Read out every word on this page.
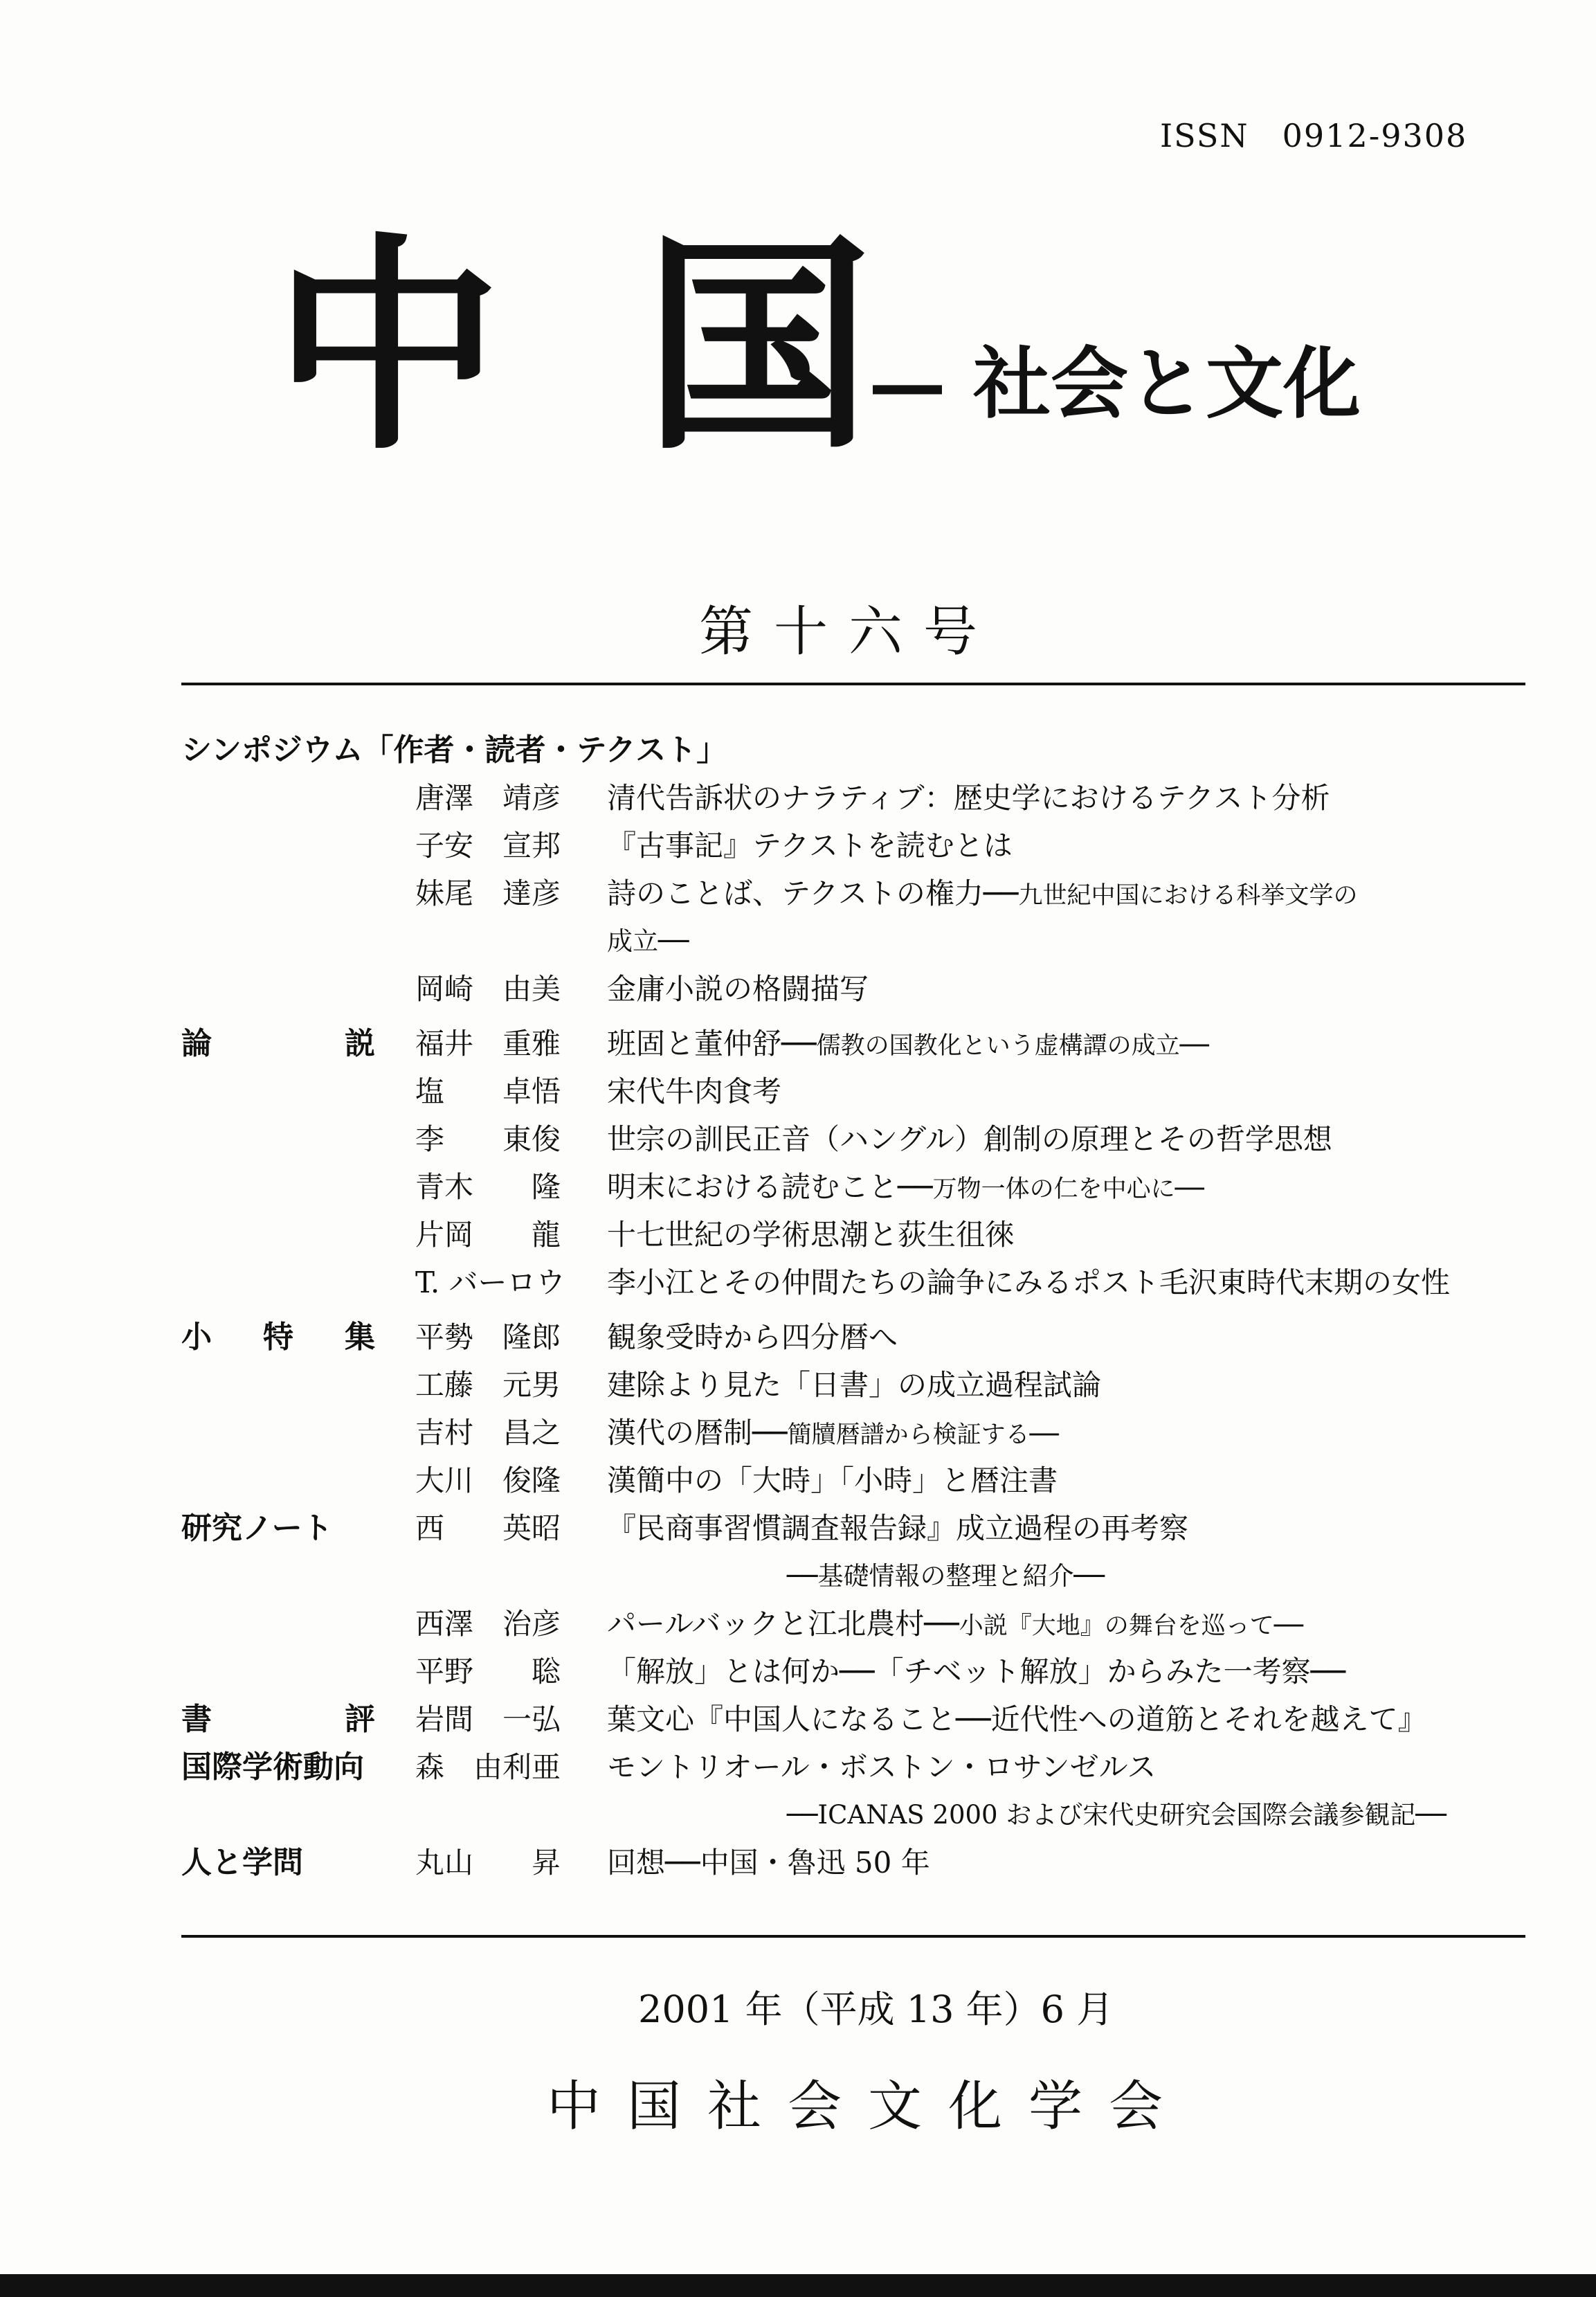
ISSN　0912-9308
中 国
— 社会と文化
第十六号
シンポジウム「作者・読者・テクスト」
唐澤　靖彦	清代告訴状のナラティブ：歴史学におけるテクスト分析
子安　宣邦	『古事記』テクストを読むとは
妹尾　達彦	詩のことば、テクストの権力──九世紀中国における科挙文学の
成立──
岡崎　由美	金庸小説の格闘描写
論　　説 福井　重雅	班固と董仲舒──儒教の国教化という虚構譚の成立──
塩　　卓悟	宋代牛肉食考
李　　東俊	世宗の訓民正音（ハングル）創制の原理とその哲学思想
青木　　隆	明末における読むこと──万物一体の仁を中心に──
片岡　　龍	十七世紀の学術思潮と荻生徂徠
T. バーロウ	李小江とその仲間たちの論争にみるポスト毛沢東時代末期の女性
小　特　集 平勢　隆郎	観象受時から四分暦へ
工藤　元男	建除より見た「日書」の成立過程試論
吉村　昌之	漢代の暦制──簡牘暦譜から検証する──
大川　俊隆	漢簡中の「大時」「小時」と暦注書
研究ノート	西　　英昭	『民商事習慣調査報告録』成立過程の再考察
──基礎情報の整理と紹介──
西澤　治彦	パールバックと江北農村──小説『大地』の舞台を巡って──
平野　　聡	「解放」とは何か──「チベット解放」からみた一考察──
書　　評 岩間　一弘	葉文心『中国人になること──近代性への道筋とそれを越えて』
国際学術動向	森　由利亜	モントリオール・ボストン・ロサンゼルス
──ICANAS 2000 および宋代史研究会国際会議参観記──
人と学問	丸山　　昇	回想──中国・魯迅 50 年
2001 年（平成 13 年）6 月
中国社会文化学会
